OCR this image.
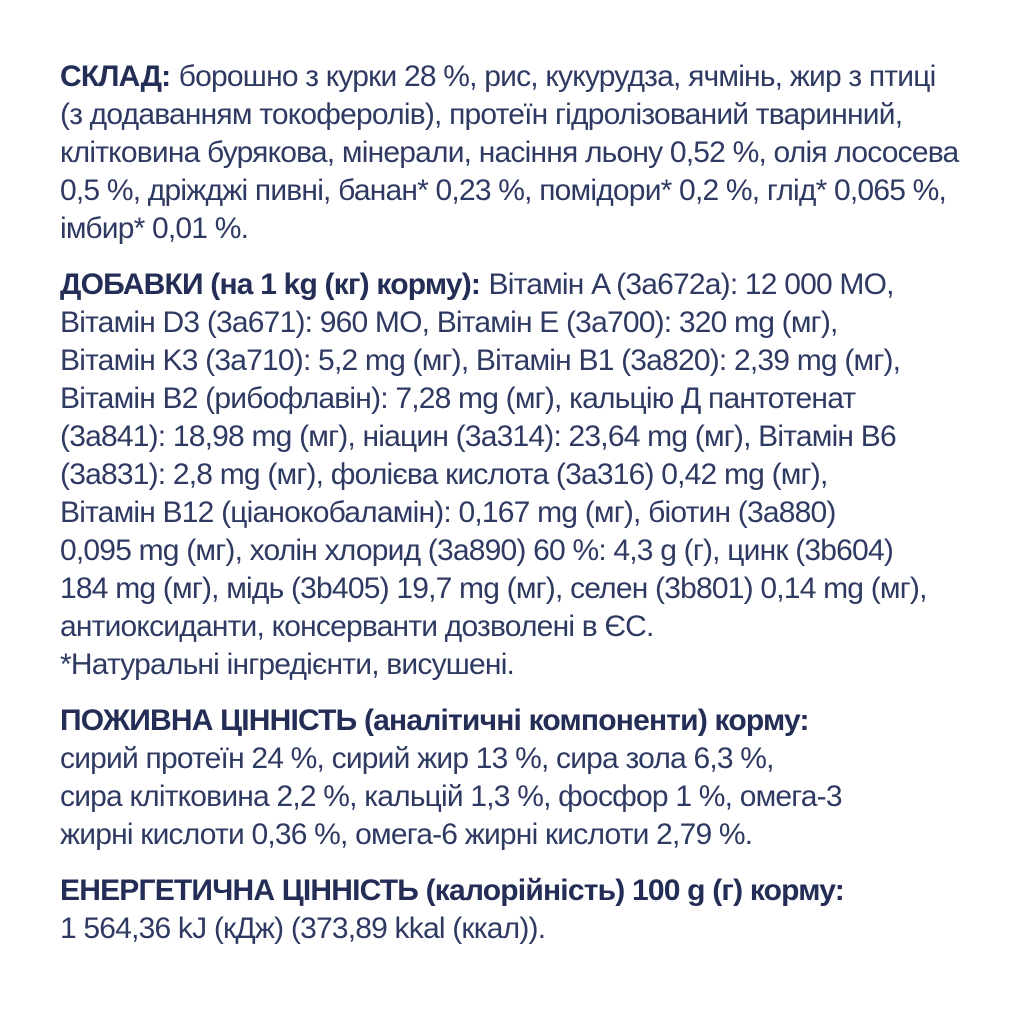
СКЛАД: борошно з курки 28 %, рис, кукурудза, ячмінь, жир з птиці
(з додаванням токоферолів), протеїн гідролізований тваринний,
клітковина бурякова, мінерали, насіння льону 0,52 %, олія лососева
0,5 %, дріжджі пивні, банан* 0,23 %, помідори* 0,2 %, глід* 0,065 %,
імбир* 0,01 %.
ДОБАВКИ (на 1 kg (кг) корму): Вітамін A (3a672a): 12 000 МО,
Вітамін D3 (3a671): 960 МО, Вітамін E (3a700): 320 mg (мг),
Вітамін K3 (3a710): 5,2 mg (мг), Вітамін B1 (3a820): 2,39 mg (мг),
Вітамін B2 (рибофлавін): 7,28 mg (мг), кальцію Д пантотенат
(3a841): 18,98 mg (мг), ніацин (3a314): 23,64 mg (мг), Вітамін B6
(3a831): 2,8 mg (мг), фолієва кислота (3a316) 0,42 mg (мг),
Вітамін B12 (ціанокобаламін): 0,167 mg (мг), біотин (3a880)
0,095 mg (мг), холін хлорид (3a890) 60 %: 4,3 g (г), цинк (3b604)
184 mg (мг), мідь (3b405) 19,7 mg (мг), селен (3b801) 0,14 mg (мг),
антиоксиданти, консерванти дозволені в ЄС.
*Натуральні інгредієнти, висушені.
ПОЖИВНА ЦІННІСТЬ (аналітичні компоненти) корму:
сирий протеїн 24 %, сирий жир 13 %, сира зола 6,3 %,
сира клітковина 2,2 %, кальцій 1,3 %, фосфор 1 %, омега-3
жирні кислоти 0,36 %, омега-6 жирні кислоти 2,79 %.
ЕНЕРГЕТИЧНА ЦІННІСТЬ (калорійність) 100 g (г) корму:
1 564,36 kJ (кДж) (373,89 kkal (ккал)).
